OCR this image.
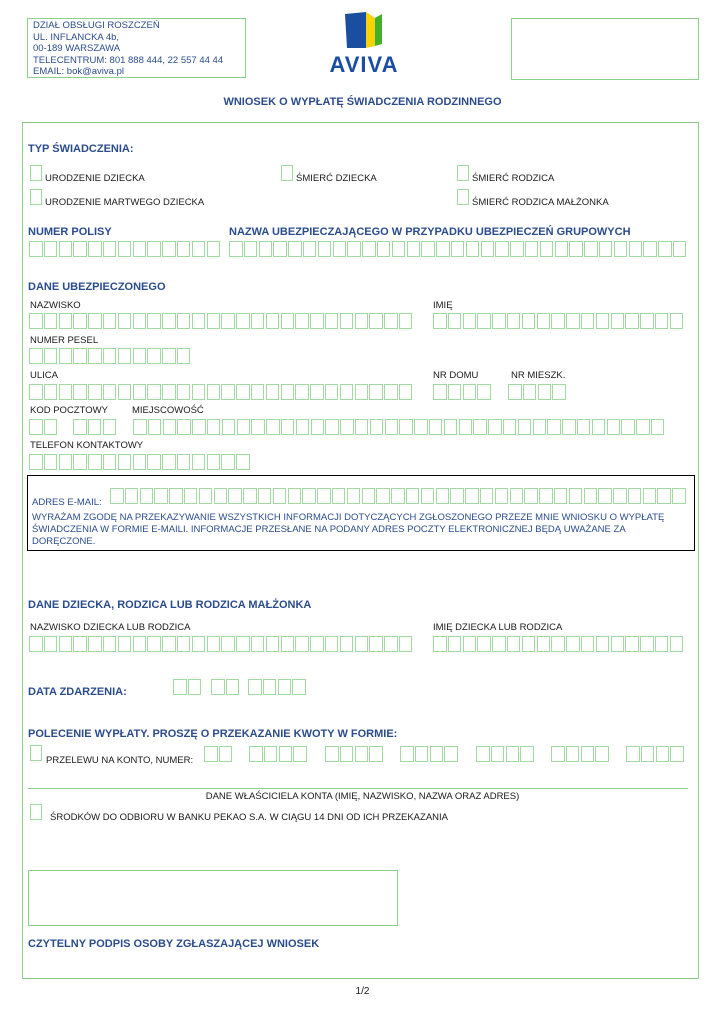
DZIAŁ OBSŁUGI ROSZCZEŃ
UL. INFLANCKA 4b,
00-189 WARSZAWA
TELECENTRUM: 801 888 444, 22 557 44 44
EMAIL: bok@aviva.pl	AVIVA
WNIOSEK O WYPŁATĘ ŚWIADCZENIA RODZINNEGO
TYP ŚWIADCZENIA:
URODZENIE DZIECKA	ŚMIERĆ DZIECKA	ŚMIERĆ RODZICA
URODZENIE MARTWEGO DZIECKA	ŚMIERĆ RODZICA MAŁŻONKA
NUMER POLISY	NAZWA UBEZPIECZAJĄCEGO W PRZYPADKU UBEZPIECZEŃ GRUPOWYCH
DANE UBEZPIECZONEGO
NAZWISKO	IMIĘ
NUMER PESEL
ULICA	NR DOMU	NR MIESZK.
KOD POCZTOWY	MIEJSCOWOŚĆ
TELEFON KONTAKTOWY
ADRES E-MAIL:
WYRAŻAM ZGODĘ NA PRZEKAZYWANIE WSZYSTKICH INFORMACJI DOTYCZĄCYCH ZGŁOSZONEGO PRZEZE MNIE WNIOSKU O WYPŁATĘ ŚWIADCZENIA W FORMIE E-MAILI. INFORMACJE PRZESŁANE NA PODANY ADRES POCZTY ELEKTRONICZNEJ BĘDĄ UWAŻANE ZA DORĘCZONE.
DANE DZIECKA, RODZICA LUB RODZICA MAŁŻONKA
NAZWISKO DZIECKA LUB RODZICA	IMIĘ DZIECKA LUB RODZICA
DATA ZDARZENIA:
POLECENIE WYPŁATY. PROSZĘ O PRZEKAZANIE KWOTY W FORMIE:
PRZELEWU NA KONTO, NUMER:
DANE WŁAŚCICIELA KONTA (IMIĘ, NAZWISKO, NAZWA ORAZ ADRES)
ŚRODKÓW DO ODBIORU W BANKU PEKAO S.A. W CIĄGU 14 DNI OD ICH PRZEKAZANIA
CZYTELNY PODPIS OSOBY ZGŁASZAJĄCEJ WNIOSEK
1/2
